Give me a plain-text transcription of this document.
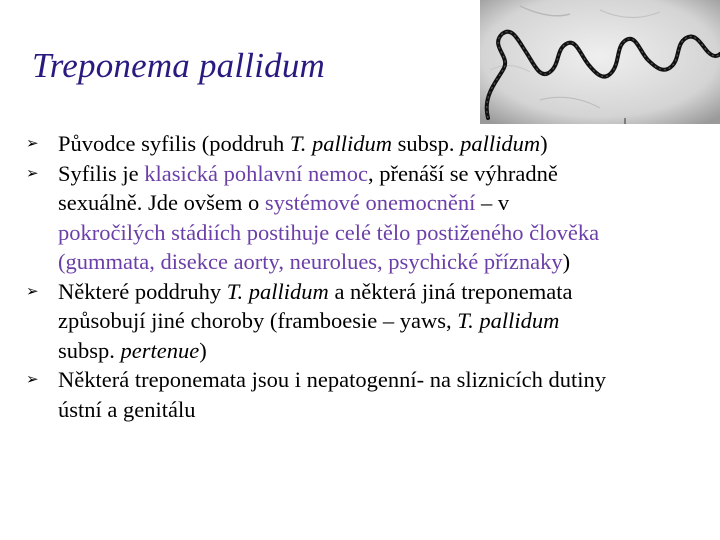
Treponema pallidum
➢ Původce syfilis (poddruh T. pallidum subsp. pallidum)
➢ Syfilis je klasická pohlavní nemoc, přenáší se výhradně
sexuálně. Jde ovšem o systémové onemocnění – v
pokročilých stádiích postihuje celé tělo postiženého člověka
(gummata, disekce aorty, neurolues, psychické příznaky)
➢ Některé poddruhy T. pallidum a některá jiná treponemata
způsobují jiné choroby (framboesie – yaws, T. pallidum
subsp. pertenue)
➢ Některá treponemata jsou i nepatogenní- na sliznicích dutiny
ústní a genitálu
